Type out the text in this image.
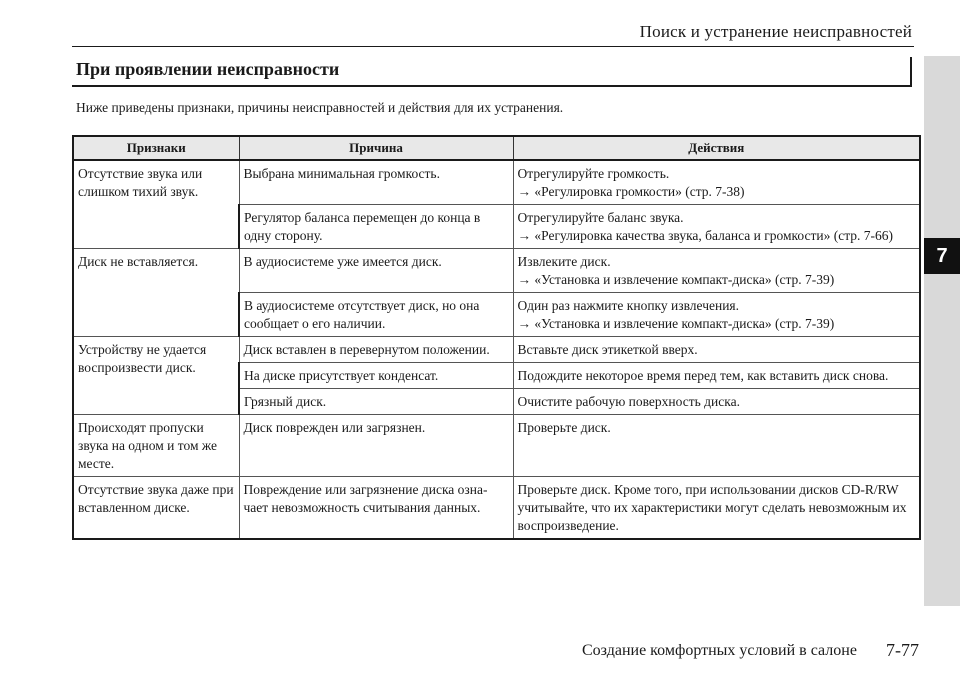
Поиск и устранение неисправностей
При проявлении неисправности
Ниже приведены признаки, причины неисправностей и действия для их устранения.
7
Признаки	Причина	Действия
Отсутствие звука или слишком тихий звук.	Выбрана минимальная громкость.	Отрегулируйте громкость.
→ «Регулировка громкости» (стр. 7-38)

	Регулятор баланса перемещен до конца в одну сторону.	Отрегулируйте баланс звука.
→ «Регулировка качества звука, баланса и громкости» (стр. 7-66)

Диск не вставляется.	В аудиосистеме уже имеется диск.	Извлеките диск.
→ «Установка и извлечение компакт-диска» (стр. 7-39)

	В аудиосистеме отсутствует диск, но она сообщает о его наличии.	Один раз нажмите кнопку извлечения.
→ «Установка и извлечение компакт-диска» (стр. 7-39)

Устройству не удается воспроизвести диск.	Диск вставлен в перевернутом положении.	Вставьте диск этикеткой вверх.

	На диске присутствует конденсат.	Подождите некоторое время перед тем, как вставить диск снова.

	Грязный диск.	Очистите рабочую поверхность диска.

Происходят пропуски звука на одном и том же месте.	Диск поврежден или загрязнен.	Проверьте диск.

Отсутствие звука даже при вставленном диске.	Повреждение или загрязнение диска озна-чает невозможность считывания данных.	Проверьте диск. Кроме того, при использовании дисков CD-R/RW учитывайте, что их характеристики могут сделать невозможным их воспроизведение.
Создание комфортных условий в салоне 7-77
